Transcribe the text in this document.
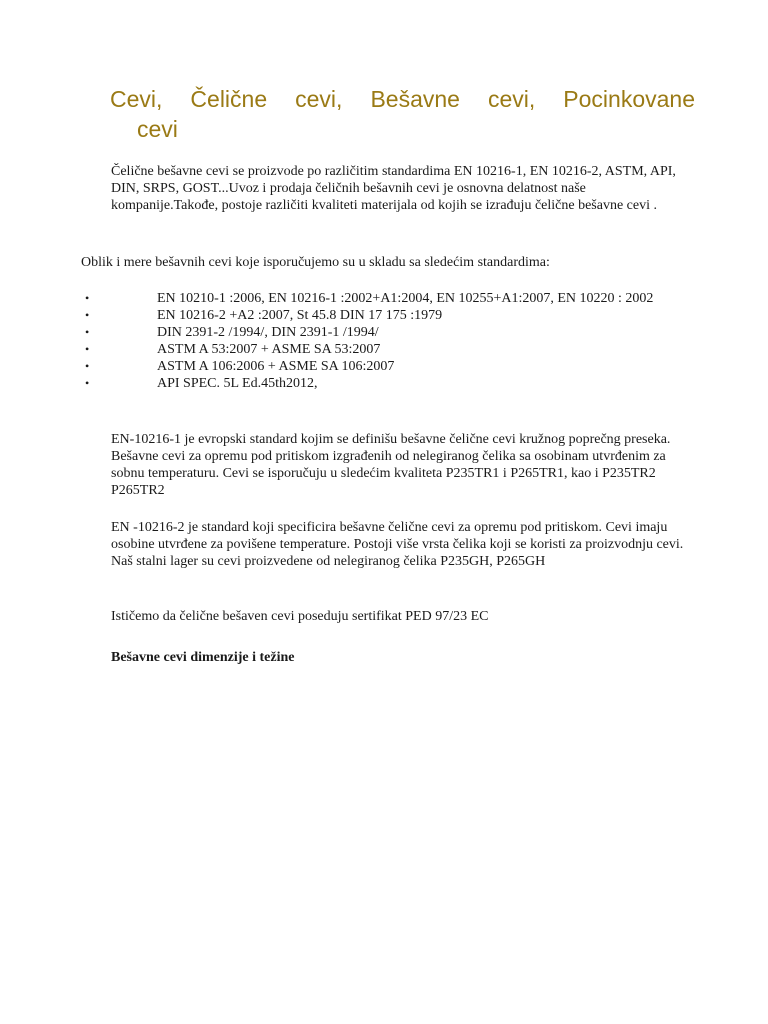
Cevi, Čelične cevi, Bešavne cevi, Pocinkovane
cevi

Čelične bešavne cevi se proizvode po različitim standardima EN 10216-1, EN 10216-2, ASTM, API, DIN, SRPS, GOST...Uvoz i prodaja čeličnih bešavnih cevi je osnovna delatnost naše kompanije.Takođe, postoje različiti kvaliteti materijala od kojih se izrađuju čelične bešavne cevi .

Oblik i mere bešavnih cevi koje isporučujemo su u skladu sa sledećim standardima:

•	EN 10210-1 :2006, EN 10216-1 :2002+A1:2004, EN 10255+A1:2007, EN 10220 : 2002
•	EN 10216-2 +A2 :2007, St 45.8 DIN 17 175 :1979
•	DIN 2391-2 /1994/, DIN 2391-1 /1994/
•	ASTM A 53:2007 + ASME SA 53:2007
•	ASTM A 106:2006 + ASME SA 106:2007
•	API SPEC. 5L Ed.45th2012,

EN-10216-1 je evropski standard kojim se definišu bešavne čelične cevi kružnog poprečng preseka. Bešavne cevi za opremu pod pritiskom izgrađenih od nelegiranog čelika sa osobinam utvrđenim za sobnu temperaturu. Cevi se isporučuju u sledećim kvaliteta P235TR1 i P265TR1, kao i P235TR2 P265TR2

EN -10216-2 je standard koji specificira bešavne čelične cevi za opremu pod pritiskom. Cevi imaju osobine utvrđene za povišene temperature. Postoji više vrsta čelika koji se koristi za proizvodnju cevi. Naš stalni lager su cevi proizvedene od nelegiranog čelika P235GH, P265GH

Ističemo da čelične bešaven cevi poseduju sertifikat PED 97/23 EC

Bešavne cevi dimenzije i težine
